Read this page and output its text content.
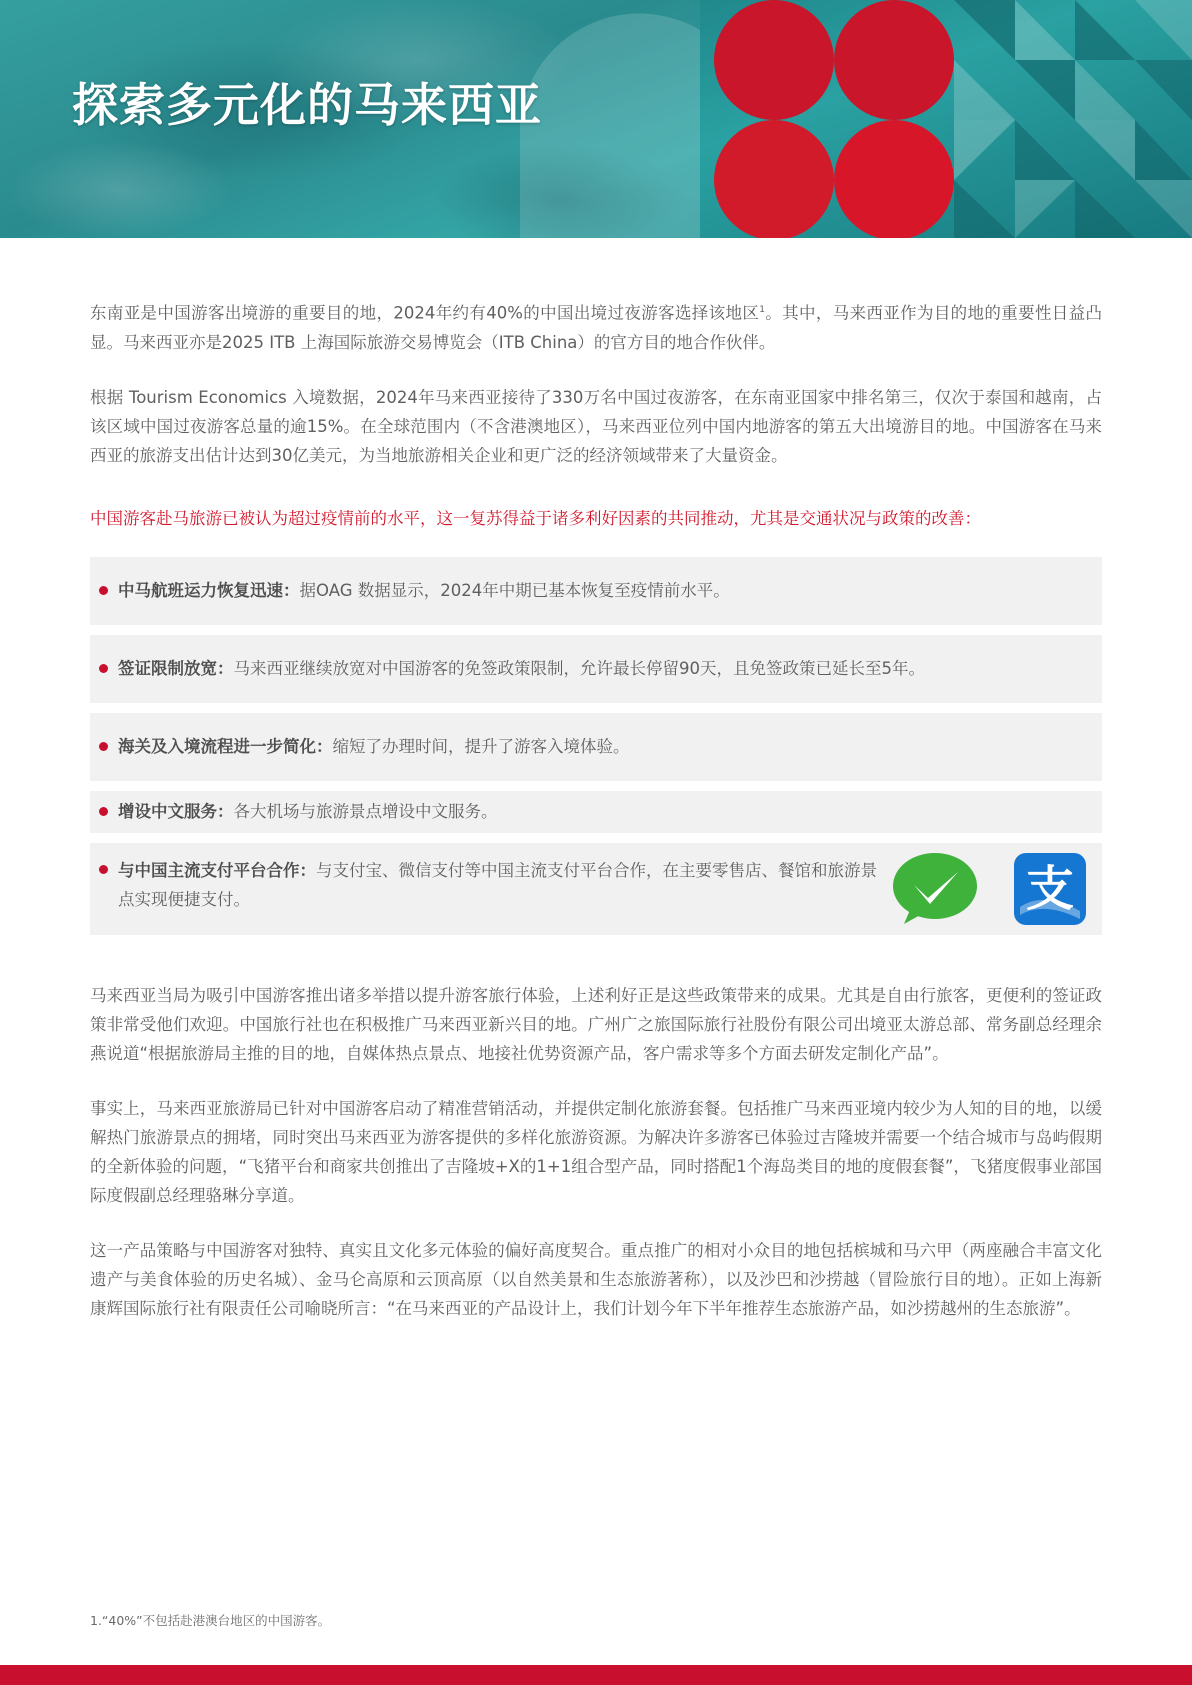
探索多元化的马来西亚

东南亚是中国游客出境游的重要目的地，2024年约有40%的中国出境过夜游客选择该地区$^1$。其中，马来西亚作为目的地的重要性日益凸显。马来西亚亦是2025 ITB 上海国际旅游交易博览会（ITB China）的官方目的地合作伙伴。

根据 Tourism Economics 入境数据，2024年马来西亚接待了330万名中国过夜游客，在东南亚国家中排名第三，仅次于泰国和越南，占该区域中国过夜游客总量的逾15%。在全球范围内（不含港澳地区），马来西亚位列中国内地游客的第五大出境游目的地。中国游客在马来西亚的旅游支出估计达到30亿美元，为当地旅游相关企业和更广泛的经济领域带来了大量资金。

中国游客赴马旅游已被认为超过疫情前的水平，这一复苏得益于诸多利好因素的共同推动，尤其是交通状况与政策的改善：

中马航班运力恢复迅速：据OAG 数据显示，2024年中期已基本恢复至疫情前水平。
签证限制放宽：马来西亚继续放宽对中国游客的免签政策限制，允许最长停留90天，且免签政策已延长至5年。
海关及入境流程进一步简化：缩短了办理时间，提升了游客入境体验。
增设中文服务：各大机场与旅游景点增设中文服务。
与中国主流支付平台合作：与支付宝、微信支付等中国主流支付平台合作，在主要零售店、餐馆和旅游景点实现便捷支付。	支

马来西亚当局为吸引中国游客推出诸多举措以提升游客旅行体验，上述利好正是这些政策带来的成果。尤其是自由行旅客，更便利的签证政策非常受他们欢迎。中国旅行社也在积极推广马来西亚新兴目的地。广州广之旅国际旅行社股份有限公司出境亚太游总部、常务副总经理余燕说道“根据旅游局主推的目的地，自媒体热点景点、地接社优势资源产品，客户需求等多个方面去研发定制化产品”。

事实上，马来西亚旅游局已针对中国游客启动了精准营销活动，并提供定制化旅游套餐。包括推广马来西亚境内较少为人知的目的地，以缓解热门旅游景点的拥堵，同时突出马来西亚为游客提供的多样化旅游资源。为解决许多游客已体验过吉隆坡并需要一个结合城市与岛屿假期的全新体验的问题，“飞猪平台和商家共创推出了吉隆坡+X的1+1组合型产品，同时搭配1个海岛类目的地的度假套餐”，飞猪度假事业部国际度假副总经理骆琳分享道。

这一产品策略与中国游客对独特、真实且文化多元体验的偏好高度契合。重点推广的相对小众目的地包括槟城和马六甲（两座融合丰富文化遗产与美食体验的历史名城）、金马仑高原和云顶高原（以自然美景和生态旅游著称），以及沙巴和沙捞越（冒险旅行目的地）。正如上海新康辉国际旅行社有限责任公司喻晓所言：“在马来西亚的产品设计上，我们计划今年下半年推荐生态旅游产品，如沙捞越州的生态旅游”。

1.“40%”不包括赴港澳台地区的中国游客。
